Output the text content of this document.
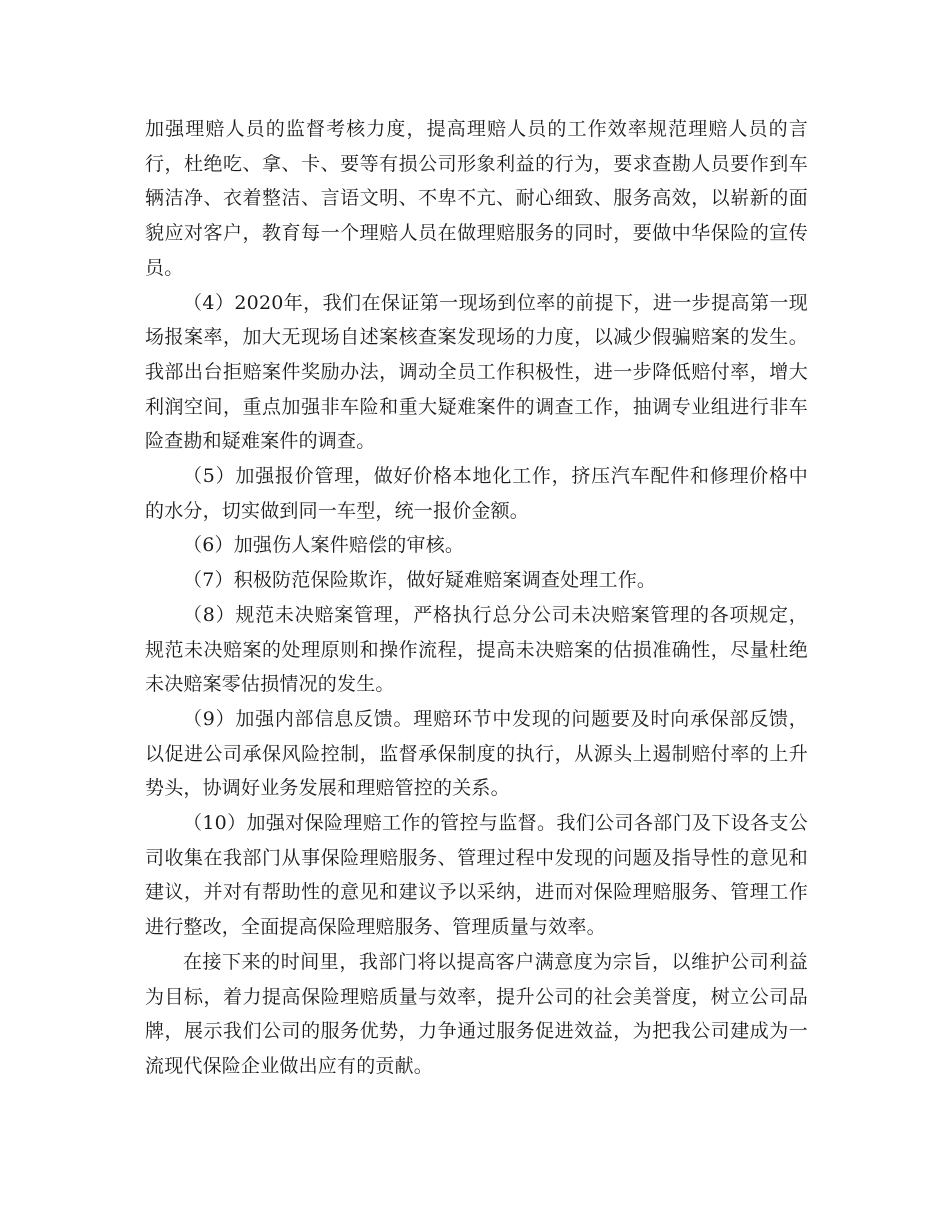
加强理赔人员的监督考核力度，提高理赔人员的工作效率规范理赔人员的言行，杜绝吃、拿、卡、要等有损公司形象利益的行为，要求查勘人员要作到车辆洁净、衣着整洁、言语文明、不卑不亢、耐心细致、服务高效，以崭新的面貌应对客户，教育每一个理赔人员在做理赔服务的同时，要做中华保险的宣传员。

（4）2020年，我们在保证第一现场到位率的前提下，进一步提高第一现场报案率，加大无现场自述案核查案发现场的力度，以减少假骗赔案的发生。我部出台拒赔案件奖励办法，调动全员工作积极性，进一步降低赔付率，增大利润空间，重点加强非车险和重大疑难案件的调查工作，抽调专业组进行非车险查勘和疑难案件的调查。

（5）加强报价管理，做好价格本地化工作，挤压汽车配件和修理价格中的水分，切实做到同一车型，统一报价金额。

（6）加强伤人案件赔偿的审核。

（7）积极防范保险欺诈，做好疑难赔案调查处理工作。

（8）规范未决赔案管理，严格执行总分公司未决赔案管理的各项规定，规范未决赔案的处理原则和操作流程，提高未决赔案的估损准确性，尽量杜绝未决赔案零估损情况的发生。

（9）加强内部信息反馈。理赔环节中发现的问题要及时向承保部反馈，以促进公司承保风险控制，监督承保制度的执行，从源头上遏制赔付率的上升势头，协调好业务发展和理赔管控的关系。

（10）加强对保险理赔工作的管控与监督。我们公司各部门及下设各支公司收集在我部门从事保险理赔服务、管理过程中发现的问题及指导性的意见和建议，并对有帮助性的意见和建议予以采纳，进而对保险理赔服务、管理工作进行整改，全面提高保险理赔服务、管理质量与效率。

在接下来的时间里，我部门将以提高客户满意度为宗旨，以维护公司利益为目标，着力提高保险理赔质量与效率，提升公司的社会美誉度，树立公司品牌，展示我们公司的服务优势，力争通过服务促进效益，为把我公司建成为一流现代保险企业做出应有的贡献。
